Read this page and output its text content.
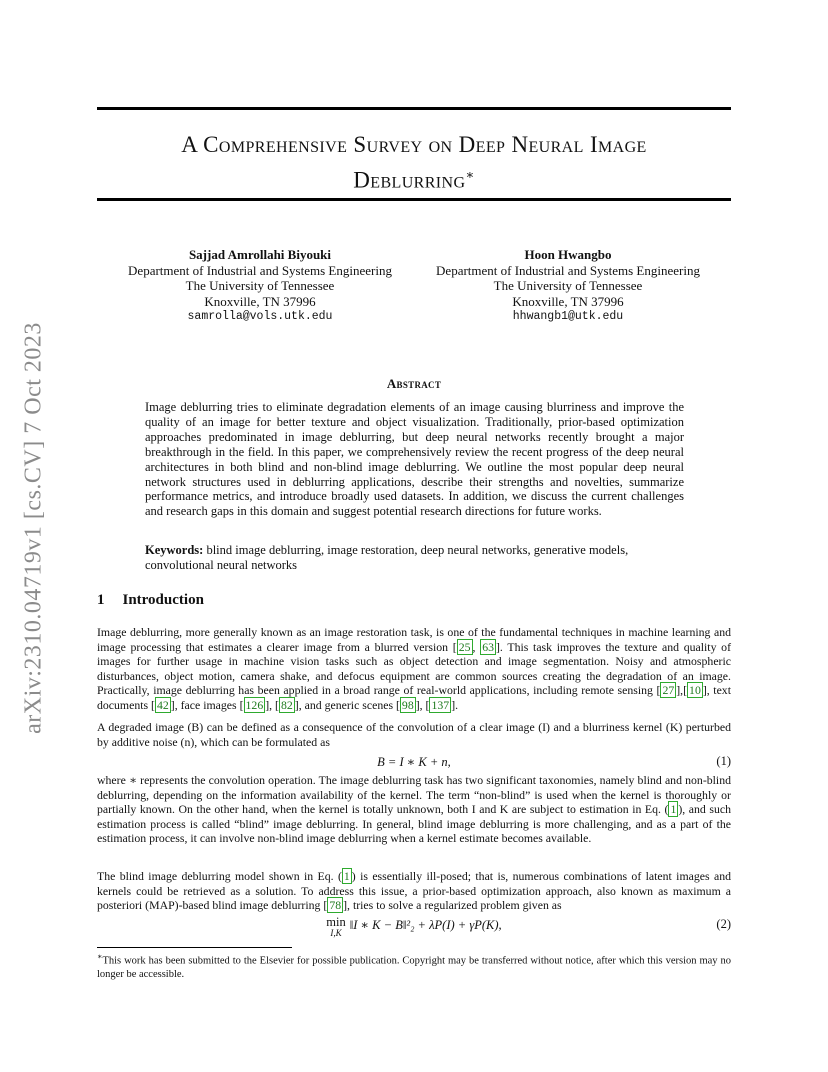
arXiv:2310.04719v1 [cs.CV] 7 Oct 2023
A Comprehensive Survey on Deep Neural Image
Deblurring∗
Sajjad Amrollahi Biyouki
Department of Industrial and Systems Engineering
The University of Tennessee
Knoxville, TN 37996
samrolla@vols.utk.edu
Hoon Hwangbo
Department of Industrial and Systems Engineering
The University of Tennessee
Knoxville, TN 37996
hhwangb1@utk.edu
Abstract
Image deblurring tries to eliminate degradation elements of an image causing blurriness and improve the quality of an image for better texture and object visualization. Traditionally, prior-based optimization approaches predominated in image deblurring, but deep neural networks recently brought a major breakthrough in the field. In this paper, we comprehensively review the recent progress of the deep neural architectures in both blind and non-blind image deblurring. We outline the most popular deep neural network structures used in deblurring applications, describe their strengths and novelties, summarize performance metrics, and introduce broadly used datasets. In addition, we discuss the current challenges and research gaps in this domain and suggest potential research directions for future works.
Keywords: blind image deblurring, image restoration, deep neural networks, generative models, convolutional neural networks
1 Introduction
Image deblurring, more generally known as an image restoration task, is one of the fundamental techniques in machine learning and image processing that estimates a clearer image from a blurred version [ 25 , 63 ]. This task improves the texture and quality of images for further usage in machine vision tasks such as object detection and image segmentation. Noisy and atmospheric disturbances, object motion, camera shake, and defocus equipment are common sources creating the degradation of an image. Practically, image deblurring has been applied in a broad range of real-world applications, including remote sensing [ 27 ],[ 10 ], text documents [ 42 ], face images [ 126 ], [ 82 ], and generic scenes [ 98 ], [ 137 ].
A degraded image (B) can be defined as a consequence of the convolution of a clear image (I) and a blurriness kernel (K) perturbed by additive noise (n), which can be formulated as
B = I ∗ K + n,	(1)
where ∗ represents the convolution operation. The image deblurring task has two significant taxonomies, namely blind and non-blind deblurring, depending on the information availability of the kernel. The term “non-blind” is used when the kernel is thoroughly or partially known. On the other hand, when the kernel is totally unknown, both I and K are subject to estimation in Eq. ( 1 ), and such estimation process is called “blind” image deblurring. In general, blind image deblurring is more challenging, and as a part of the estimation process, it can involve non-blind image deblurring when a kernel estimate becomes available.
The blind image deblurring model shown in Eq. ( 1 ) is essentially ill-posed; that is, numerous combinations of latent images and kernels could be retrieved as a solution. To address this issue, a prior-based optimization approach, also known as maximum a posteriori (MAP)-based blind image deblurring [ 78 ], tries to solve a regularized problem given as
min
I,K
‖I ∗ K − B‖²₂ + λP(I) + γP(K),	(2)
∗This work has been submitted to the Elsevier for possible publication. Copyright may be transferred without notice, after which this version may no longer be accessible.
